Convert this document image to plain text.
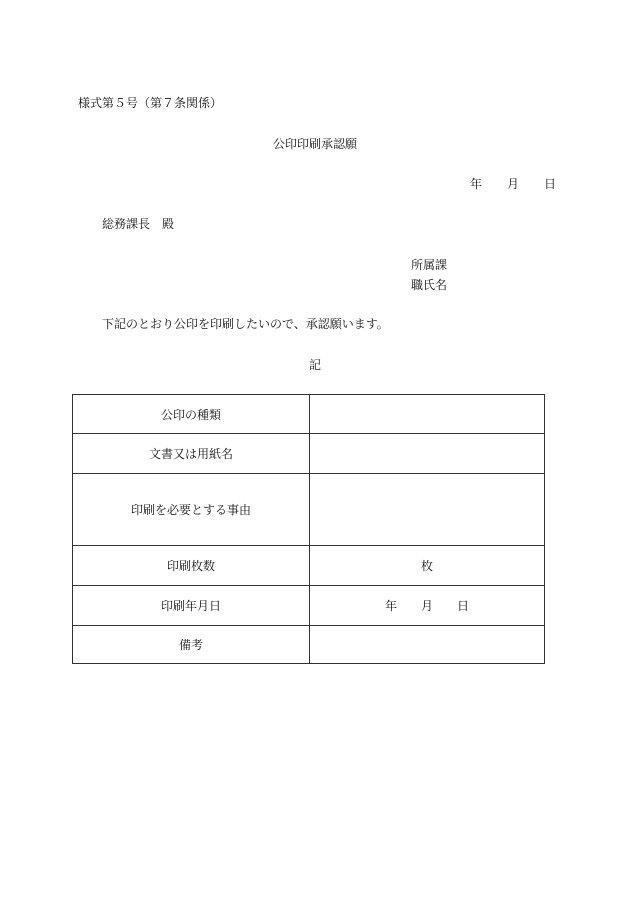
様式第５号（第７条関係）
公印印刷承認願
年 月 日
総務課長　殿
所属課
職氏名
下記のとおり公印を印刷したいので、承認願います。
記
公印の種類	
文書又は用紙名	
印刷を必要とする事由	
印刷枚数	枚
印刷年月日	年 月 日
備考	
